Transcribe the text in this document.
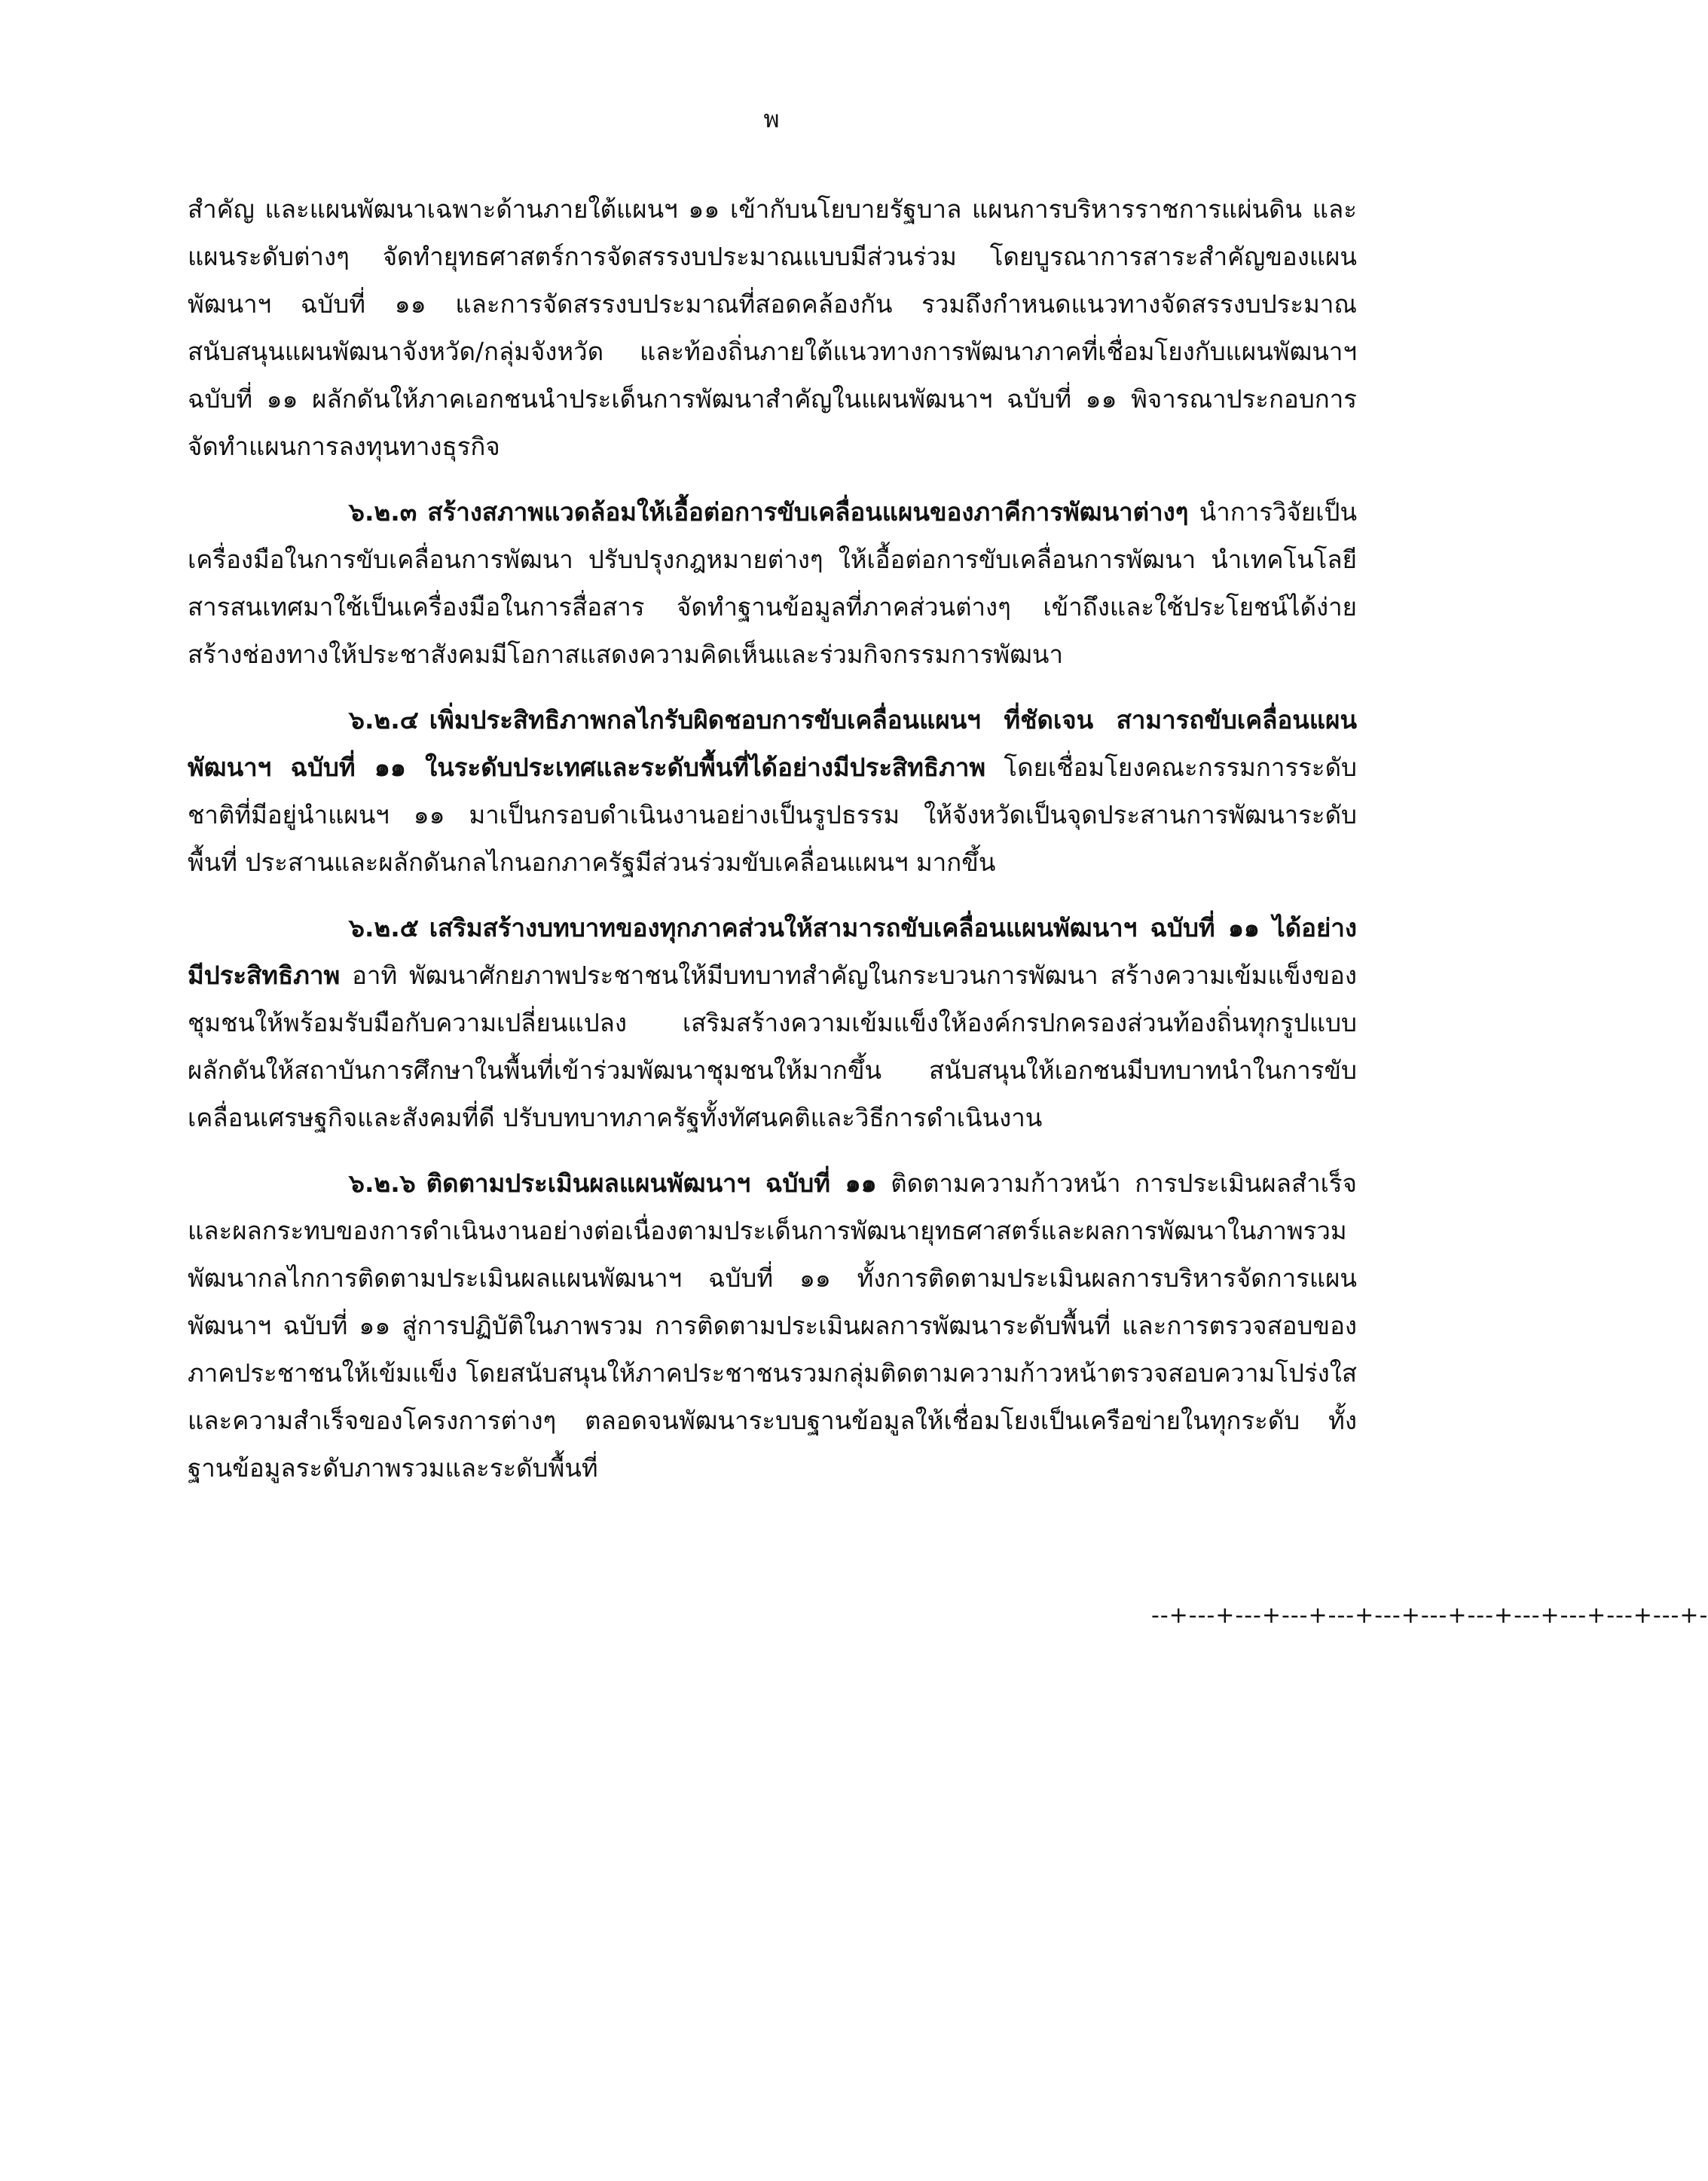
พ

สำคัญ และแผนพัฒนาเฉพาะด้านภายใต้แผนฯ ๑๑ เข้ากับนโยบายรัฐบาล แผนการบริหารราชการแผ่นดิน และแผนระดับต่างๆ จัดทำยุทธศาสตร์การจัดสรรงบประมาณแบบมีส่วนร่วม โดยบูรณาการสาระสำคัญของแผนพัฒนาฯ ฉบับที่ ๑๑ และการจัดสรรงบประมาณที่สอดคล้องกัน รวมถึงกำหนดแนวทางจัดสรรงบประมาณสนับสนุนแผนพัฒนาจังหวัด/กลุ่มจังหวัด และท้องถิ่นภายใต้แนวทางการพัฒนาภาคที่เชื่อมโยงกับแผนพัฒนาฯ ฉบับที่ ๑๑ ผลักดันให้ภาคเอกชนนำประเด็นการพัฒนาสำคัญในแผนพัฒนาฯ ฉบับที่ ๑๑ พิจารณาประกอบการจัดทำแผนการลงทุนทางธุรกิจ

๖.๒.๓ สร้างสภาพแวดล้อมให้เอื้อต่อการขับเคลื่อนแผนของภาคีการพัฒนาต่างๆ นำการวิจัยเป็นเครื่องมือในการขับเคลื่อนการพัฒนา ปรับปรุงกฎหมายต่างๆ ให้เอื้อต่อการขับเคลื่อนการพัฒนา นำเทคโนโลยีสารสนเทศมาใช้เป็นเครื่องมือในการสื่อสาร จัดทำฐานข้อมูลที่ภาคส่วนต่างๆ เข้าถึงและใช้ประโยชน์ได้ง่าย สร้างช่องทางให้ประชาสังคมมีโอกาสแสดงความคิดเห็นและร่วมกิจกรรมการพัฒนา

๖.๒.๔ เพิ่มประสิทธิภาพกลไกรับผิดชอบการขับเคลื่อนแผนฯ ที่ชัดเจน สามารถขับเคลื่อนแผนพัฒนาฯ ฉบับที่ ๑๑ ในระดับประเทศและระดับพื้นที่ได้อย่างมีประสิทธิภาพ โดยเชื่อมโยงคณะกรรมการระดับชาติที่มีอยู่นำแผนฯ ๑๑ มาเป็นกรอบดำเนินงานอย่างเป็นรูปธรรม ให้จังหวัดเป็นจุดประสานการพัฒนาระดับพื้นที่ ประสานและผลักดันกลไกนอกภาครัฐมีส่วนร่วมขับเคลื่อนแผนฯ มากขึ้น

๖.๒.๕ เสริมสร้างบทบาทของทุกภาคส่วนให้สามารถขับเคลื่อนแผนพัฒนาฯ ฉบับที่ ๑๑ ได้อย่างมีประสิทธิภาพ อาทิ พัฒนาศักยภาพประชาชนให้มีบทบาทสำคัญในกระบวนการพัฒนา สร้างความเข้มแข็งของชุมชนให้พร้อมรับมือกับความเปลี่ยนแปลง เสริมสร้างความเข้มแข็งให้องค์กรปกครองส่วนท้องถิ่นทุกรูปแบบ ผลักดันให้สถาบันการศึกษาในพื้นที่เข้าร่วมพัฒนาชุมชนให้มากขึ้น สนับสนุนให้เอกชนมีบทบาทนำในการขับเคลื่อนเศรษฐกิจและสังคมที่ดี ปรับบทบาทภาครัฐทั้งทัศนคติและวิธีการดำเนินงาน

๖.๒.๖ ติดตามประเมินผลแผนพัฒนาฯ ฉบับที่ ๑๑ ติดตามความก้าวหน้า การประเมินผลสำเร็จและผลกระทบของการดำเนินงานอย่างต่อเนื่องตามประเด็นการพัฒนายุทธศาสตร์และผลการพัฒนาในภาพรวม พัฒนากลไกการติดตามประเมินผลแผนพัฒนาฯ ฉบับที่ ๑๑ ทั้งการติดตามประเมินผลการบริหารจัดการแผนพัฒนาฯ ฉบับที่ ๑๑ สู่การปฏิบัติในภาพรวม การติดตามประเมินผลการพัฒนาระดับพื้นที่ และการตรวจสอบของภาคประชาชนให้เข้มแข็ง โดยสนับสนุนให้ภาคประชาชนรวมกลุ่มติดตามความก้าวหน้าตรวจสอบความโปร่งใสและความสำเร็จของโครงการต่างๆ ตลอดจนพัฒนาระบบฐานข้อมูลให้เชื่อมโยงเป็นเครือข่ายในทุกระดับ ทั้งฐานข้อมูลระดับภาพรวมและระดับพื้นที่

--+---+---+---+---+---+---+---+---+---+---+---+-
